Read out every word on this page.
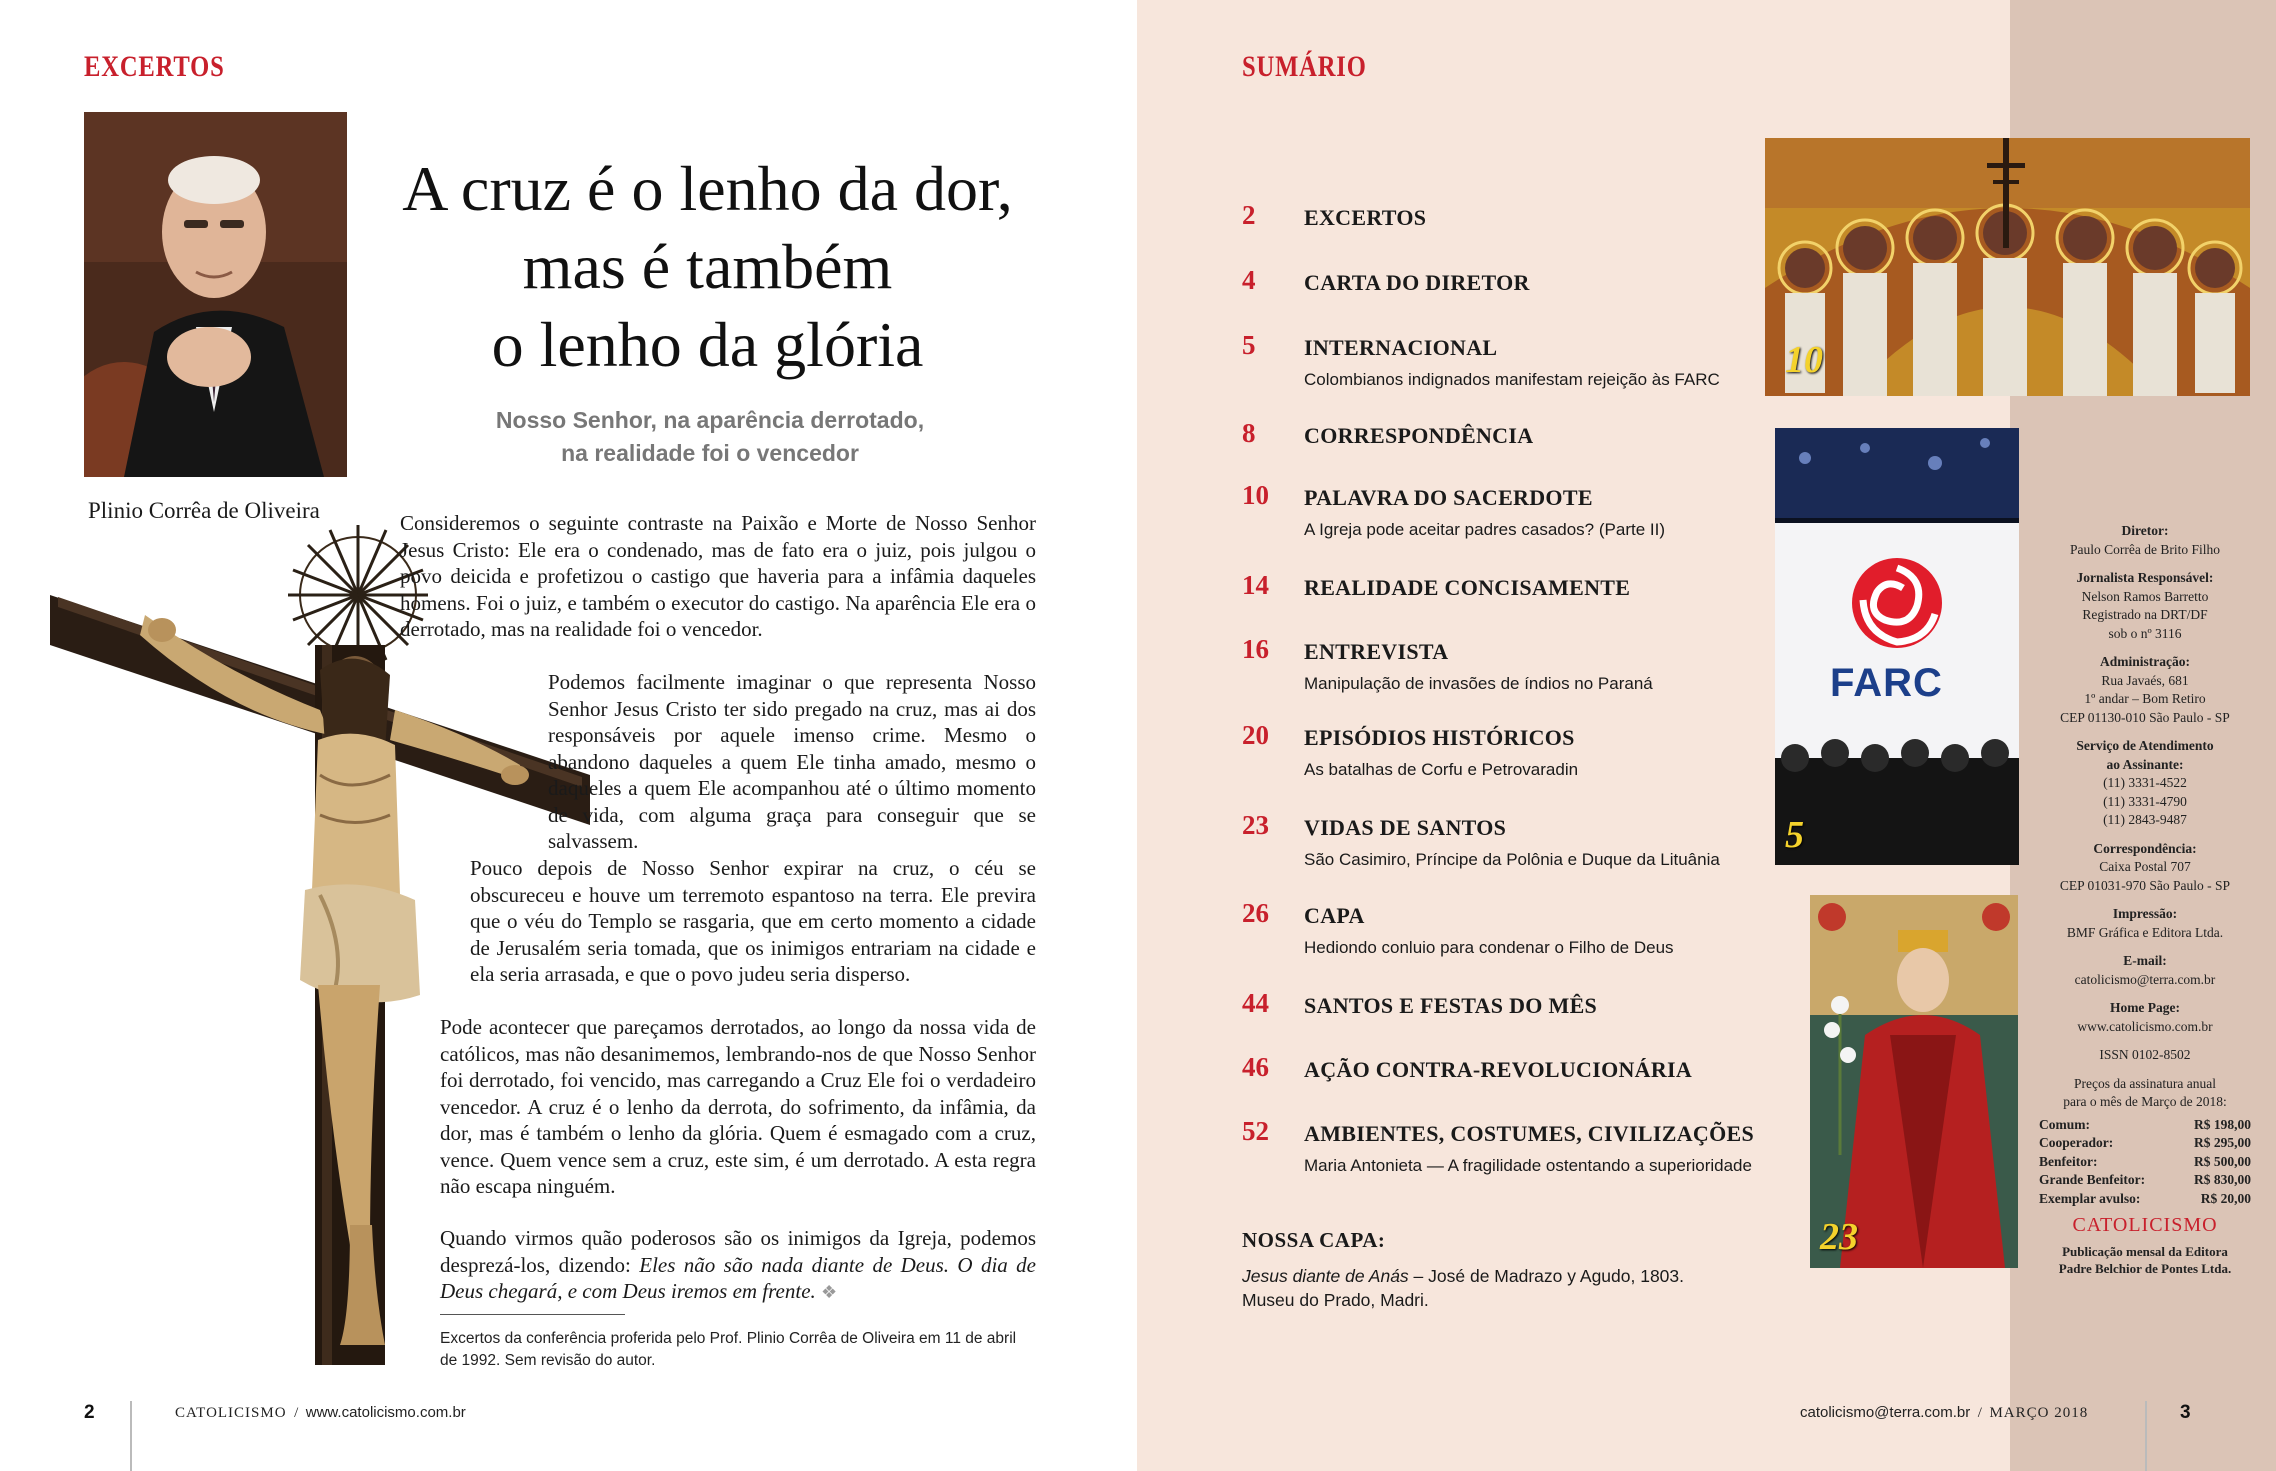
EXCERTOS
Plinio Corrêa de Oliveira
A cruz é o lenho da dor,
mas é também
o lenho da glória
Nosso Senhor, na aparência derrotado,
na realidade foi o vencedor
Consideremos o seguinte contraste na Paixão e Morte de Nosso Senhor Jesus Cristo: Ele era o condenado, mas de fato era o juiz, pois julgou o povo deicida e profetizou o castigo que haveria para a infâmia daqueles homens. Foi o juiz, e também o executor do castigo. Na aparência Ele era o derrotado, mas na realidade foi o vencedor.
Podemos facilmente imaginar o que representa Nosso Senhor Jesus Cristo ter sido pregado na cruz, mas ai dos responsáveis por aquele imenso crime. Mesmo o abandono daqueles a quem Ele tinha amado, mesmo o daqueles a quem Ele acompanhou até o último momento de vida, com alguma graça para conseguir que se salvassem.
Pouco depois de Nosso Senhor expirar na cruz, o céu se obscureceu e houve um terremoto espantoso na terra. Ele previra que o véu do Templo se rasgaria, que em certo momento a cidade de Jerusalém seria tomada, que os inimigos entrariam na cidade e ela seria arrasada, e que o povo judeu seria disperso.
Pode acontecer que pareçamos derrotados, ao longo da nossa vida de católicos, mas não desanimemos, lembrando-nos de que Nosso Senhor foi derrotado, foi vencido, mas carregando a Cruz Ele foi o verdadeiro vencedor. A cruz é o lenho da derrota, do sofrimento, da infâmia, da dor, mas é também o lenho da glória. Quem é esmagado com a cruz, vence. Quem vence sem a cruz, este sim, é um derrotado. A esta regra não escapa ninguém.
Quando virmos quão poderosos são os inimigos da Igreja, podemos desprezá-los, dizendo: Eles não são nada diante de Deus. O dia de Deus chegará, e com Deus iremos em frente. ❖
Excertos da conferência proferida pelo Prof. Plinio Corrêa de Oliveira em 11 de abril de 1992. Sem revisão do autor.
2	CATOLICISMO / www.catolicismo.com.br
SUMÁRIO
2 EXCERTOS
4 CARTA DO DIRETOR
5 INTERNACIONAL
Colombianos indignados manifestam rejeição às FARC
8 CORRESPONDÊNCIA
10 PALAVRA DO SACERDOTE
A Igreja pode aceitar padres casados? (Parte II)
14 REALIDADE CONCISAMENTE
16 ENTREVISTA
Manipulação de invasões de índios no Paraná
20 EPISÓDIOS HISTÓRICOS
As batalhas de Corfu e Petrovaradin
23 VIDAS DE SANTOS
São Casimiro, Príncipe da Polônia e Duque da Lituânia
26 CAPA
Hediondo conluio para condenar o Filho de Deus
44 SANTOS E FESTAS DO MÊS
46 AÇÃO CONTRA-REVOLUCIONÁRIA
52 AMBIENTES, COSTUMES, CIVILIZAÇÕES
Maria Antonieta — A fragilidade ostentando a superioridade
NOSSA CAPA:
Jesus diante de Anás – José de Madrazo y Agudo, 1803.
Museu do Prado, Madri.
10
FARC
5
23
Diretor:
Paulo Corrêa de Brito Filho
Jornalista Responsável:
Nelson Ramos Barretto
Registrado na DRT/DF
sob o nº 3116
Administração:
Rua Javaés, 681
1º andar – Bom Retiro
CEP 01130-010 São Paulo - SP
Serviço de Atendimento
ao Assinante:
(11) 3331-4522
(11) 3331-4790
(11) 2843-9487
Correspondência:
Caixa Postal 707
CEP 01031-970 São Paulo - SP
Impressão:
BMF Gráfica e Editora Ltda.
E-mail:
catolicismo@terra.com.br
Home Page:
www.catolicismo.com.br
ISSN 0102-8502
Preços da assinatura anual
para o mês de Março de 2018:
Comum:	R$ 198,00
Cooperador:	R$ 295,00
Benfeitor:	R$ 500,00
Grande Benfeitor:	R$ 830,00
Exemplar avulso:	R$ 20,00
CATOLICISMO
Publicação mensal da Editora
Padre Belchior de Pontes Ltda.
catolicismo@terra.com.br / MARÇO 2018	3
